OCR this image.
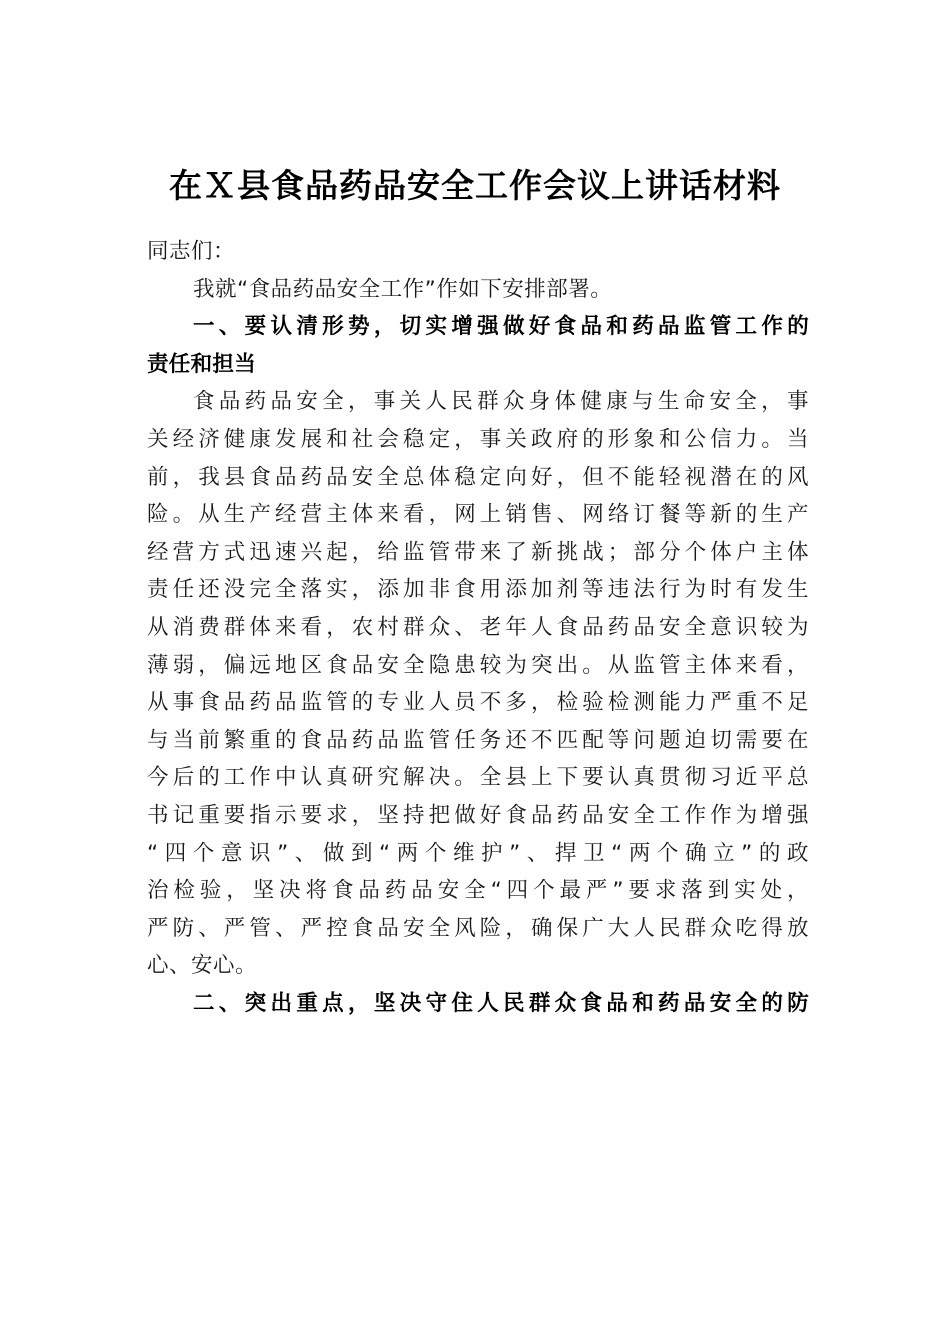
在Ｘ县食品药品安全工作会议上讲话材料
同志们：
我就“食品药品安全工作”作如下安排部署。
一、要认清形势，切实增强做好食品和药品监管工作的
责任和担当
食品药品安全，事关人民群众身体健康与生命安全，事
关经济健康发展和社会稳定，事关政府的形象和公信力。当
前，我县食品药品安全总体稳定向好，但不能轻视潜在的风
险。从生产经营主体来看，网上销售、网络订餐等新的生产
经营方式迅速兴起，给监管带来了新挑战；部分个体户主体
责任还没完全落实，添加非食用添加剂等违法行为时有发生
从消费群体来看，农村群众、老年人食品药品安全意识较为
薄弱，偏远地区食品安全隐患较为突出。从监管主体来看，
从事食品药品监管的专业人员不多，检验检测能力严重不足
与当前繁重的食品药品监管任务还不匹配等问题迫切需要在
今后的工作中认真研究解决。全县上下要认真贯彻习近平总
书记重要指示要求，坚持把做好食品药品安全工作作为增强
“四个意识”、做到“两个维护”、捍卫“两个确立”的政
治检验，坚决将食品药品安全“四个最严”要求落到实处，
严防、严管、严控食品安全风险，确保广大人民群众吃得放
心、安心。
二、突出重点，坚决守住人民群众食品和药品安全的防
